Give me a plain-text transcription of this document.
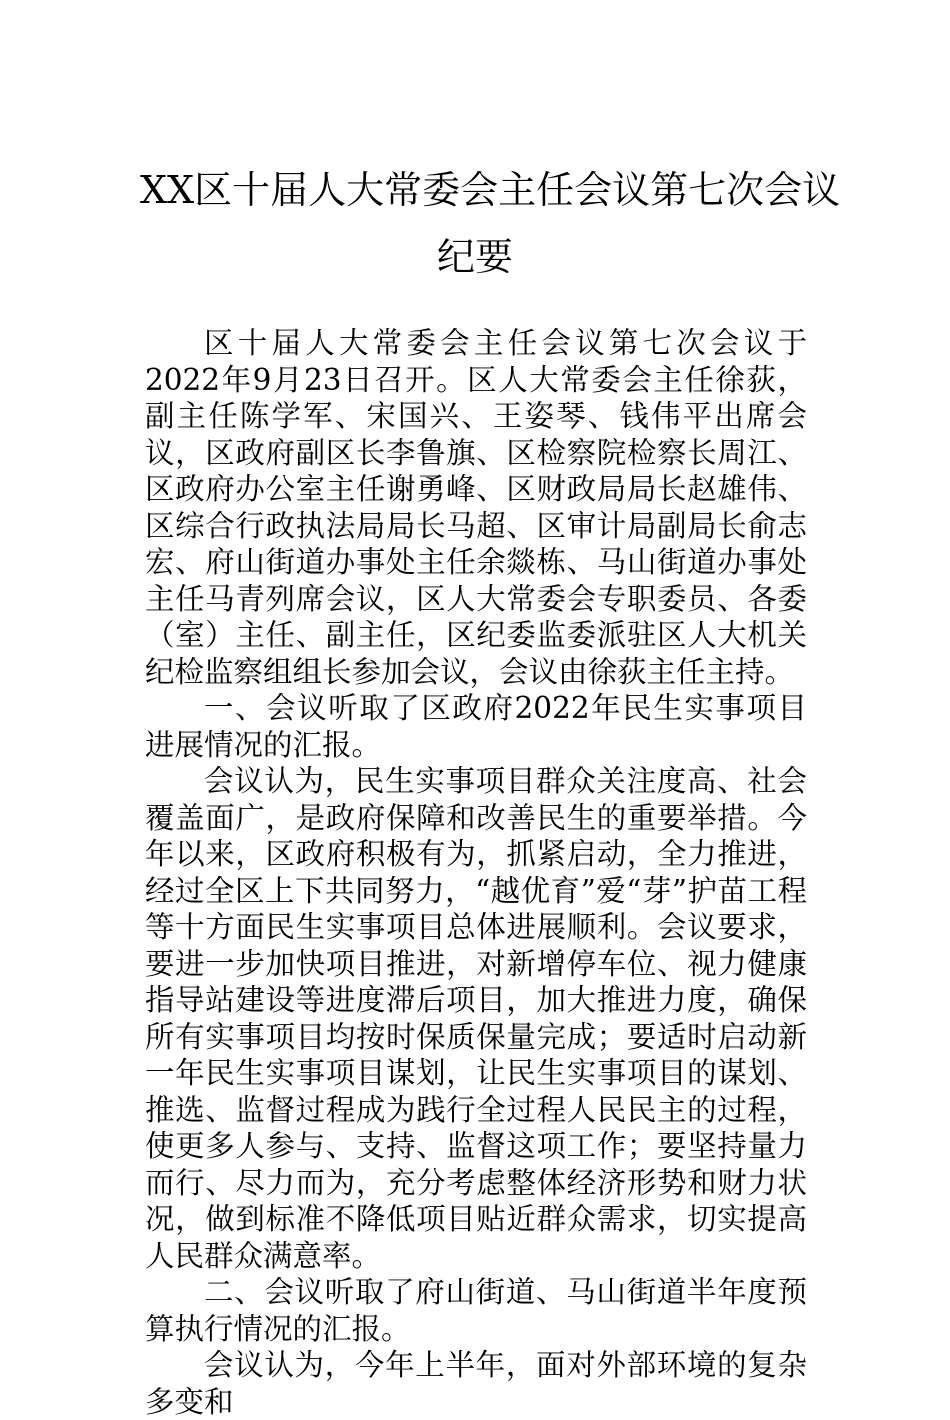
XX区十届人大常委会主任会议第七次会议
纪要

区十届人大常委会主任会议第七次会议于2022年9月23日召开。区人大常委会主任徐荻，副主任陈学军、宋国兴、王姿琴、钱伟平出席会议，区政府副区长李鲁旗、区检察院检察长周江、区政府办公室主任谢勇峰、区财政局局长赵雄伟、区综合行政执法局局长马超、区审计局副局长俞志宏、府山街道办事处主任余燚栋、马山街道办事处主任马青列席会议，区人大常委会专职委员、各委（室）主任、副主任，区纪委监委派驻区人大机关纪检监察组组长参加会议，会议由徐荻主任主持。

一、会议听取了区政府2022年民生实事项目进展情况的汇报。

会议认为，民生实事项目群众关注度高、社会覆盖面广，是政府保障和改善民生的重要举措。今年以来，区政府积极有为，抓紧启动，全力推进，经过全区上下共同努力，“越优育”爱“芽”护苗工程等十方面民生实事项目总体进展顺利。会议要求，要进一步加快项目推进，对新增停车位、视力健康指导站建设等进度滞后项目，加大推进力度，确保所有实事项目均按时保质保量完成；要适时启动新一年民生实事项目谋划，让民生实事项目的谋划、推选、监督过程成为践行全过程人民民主的过程，使更多人参与、支持、监督这项工作；要坚持量力而行、尽力而为，充分考虑整体经济形势和财力状况，做到标准不降低项目贴近群众需求，切实提高人民群众满意率。

二、会议听取了府山街道、马山街道半年度预算执行情况的汇报。

会议认为，今年上半年，面对外部环境的复杂多变和
